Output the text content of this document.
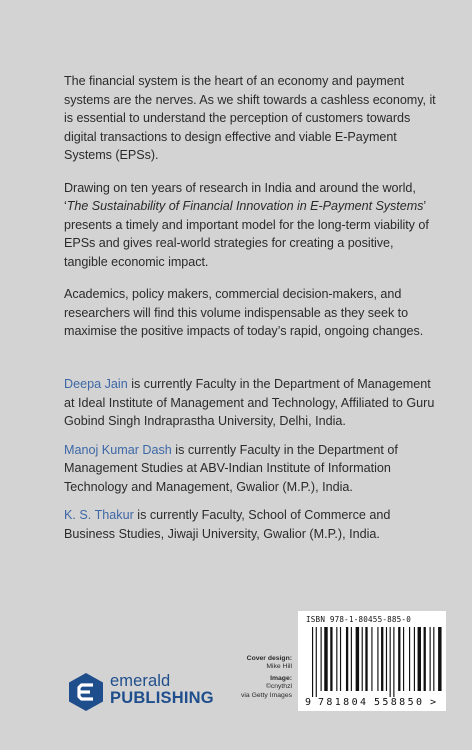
The financial system is the heart of an economy and payment systems are the nerves. As we shift towards a cashless economy, it is essential to understand the perception of customers towards digital transactions to design effective and viable E-Payment Systems (EPSs).

Drawing on ten years of research in India and around the world, ‘The Sustainability of Financial Innovation in E-Payment Systems’ presents a timely and important model for the long-term viability of EPSs and gives real-world strategies for creating a positive, tangible economic impact.

Academics, policy makers, commercial decision-makers, and researchers will find this volume indispensable as they seek to maximise the positive impacts of today’s rapid, ongoing changes.

Deepa Jain is currently Faculty in the Department of Management at Ideal Institute of Management and Technology, Affiliated to Guru Gobind Singh Indraprastha University, Delhi, India.

Manoj Kumar Dash is currently Faculty in the Department of Management Studies at ABV-Indian Institute of Information Technology and Management, Gwalior (M.P.), India.

K. S. Thakur is currently Faculty, School of Commerce and Business Studies, Jiwaji University, Gwalior (M.P.), India.

emerald
PUBLISHING
Cover design:
Mike Hill
Image:
©cnythzl
via Getty Images
ISBN 978-1-80455-885-0
9 781804 558850 >
